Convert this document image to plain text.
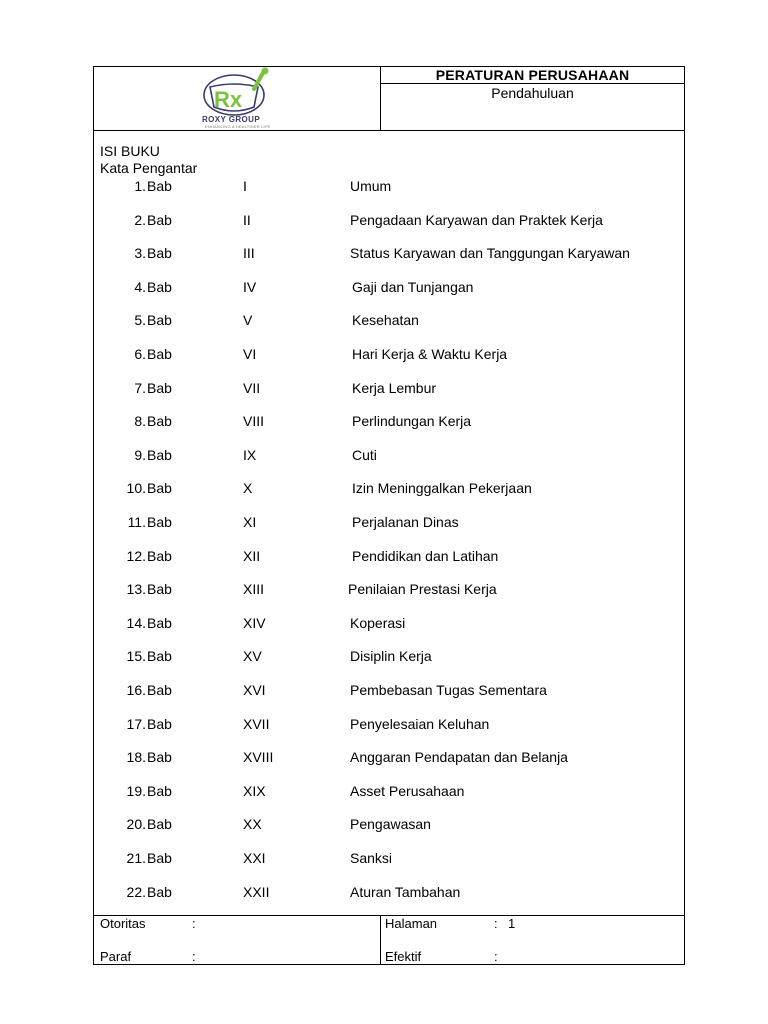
Rx
ROXY GROUP
ENHANCING A HEALTHIER LIFE
PERATURAN PERUSAHAAN
Pendahuluan
ISI BUKU
Kata Pengantar
1. Bab	I	Umum
2. Bab	II	Pengadaan Karyawan dan Praktek Kerja
3. Bab	III	Status Karyawan dan Tanggungan Karyawan
4. Bab	IV	Gaji dan Tunjangan
5. Bab	V	Kesehatan
6. Bab	VI	Hari Kerja & Waktu Kerja
7. Bab	VII	Kerja Lembur
8. Bab	VIII	Perlindungan Kerja
9. Bab	IX	Cuti
10. Bab	X	Izin Meninggalkan Pekerjaan
11. Bab	XI	Perjalanan Dinas
12. Bab	XII	Pendidikan dan Latihan
13. Bab	XIII	Penilaian Prestasi Kerja
14. Bab	XIV	Koperasi
15. Bab	XV	Disiplin Kerja
16. Bab	XVI	Pembebasan Tugas Sementara
17. Bab	XVII	Penyelesaian Keluhan
18. Bab	XVIII	Anggaran Pendapatan dan Belanja
19. Bab	XIX	Asset Perusahaan
20. Bab	XX	Pengawasan
21. Bab	XXI	Sanksi
22. Bab	XXII	Aturan Tambahan
Otoritas	:
Paraf	:
Halaman	: 1
Efektif	:
